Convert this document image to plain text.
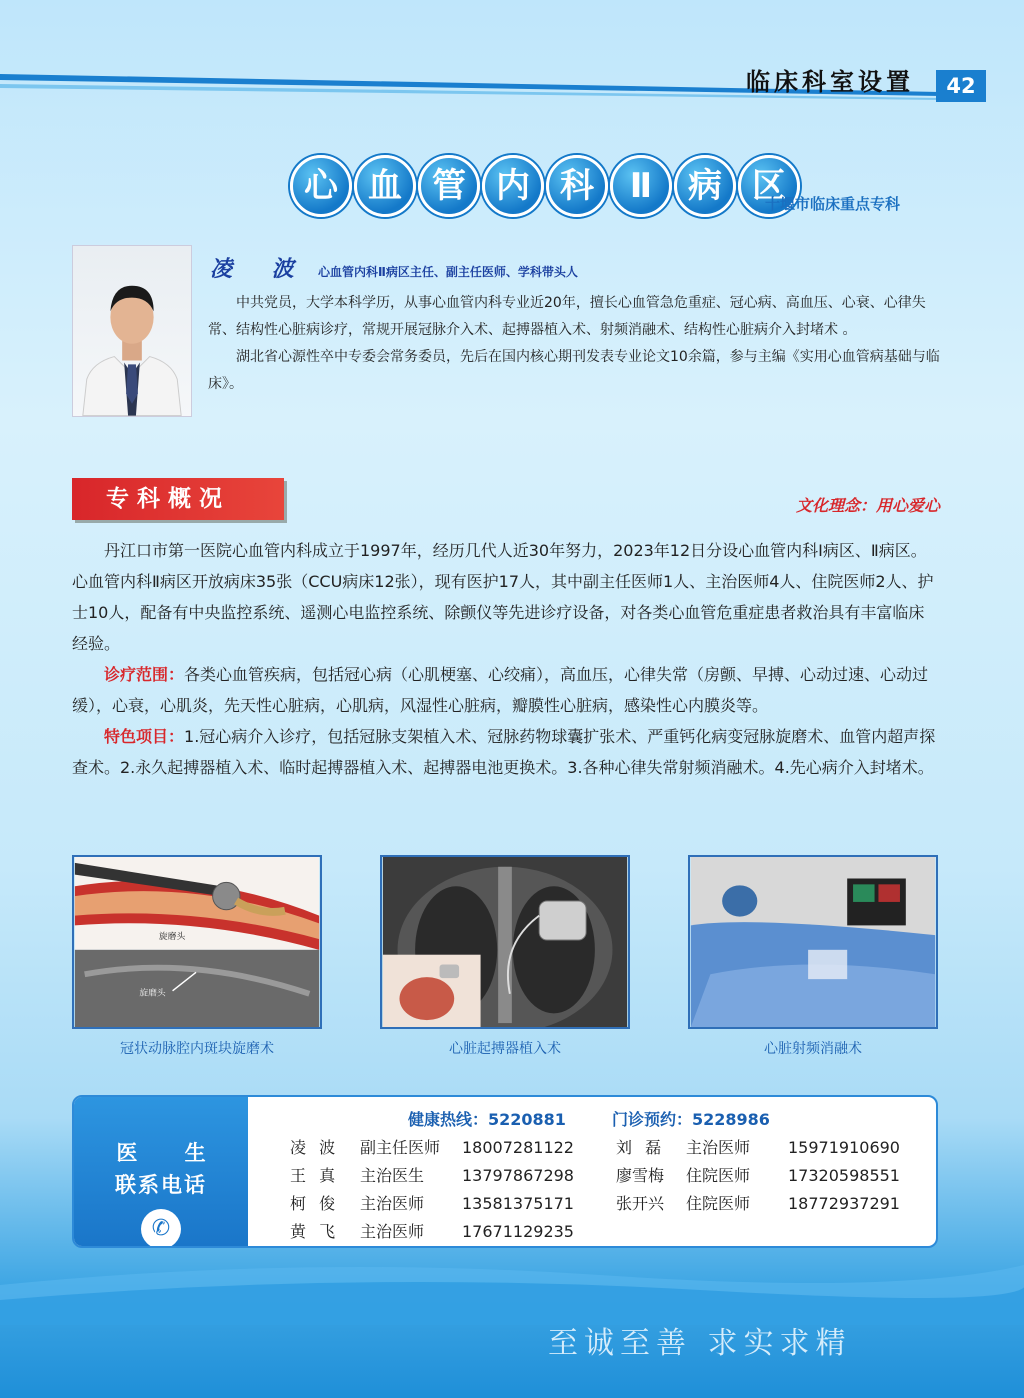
临床科室设置	42
心 血 管 内 科	Ⅱ	病 区
十堰市临床重点专科
凌 波 心血管内科Ⅱ病区主任、副主任医师、学科带头人

中共党员，大学本科学历，从事心血管内科专业近20年，擅长心血管急危重症、冠心病、高血压、心衰、心律失常、结构性心脏病诊疗，常规开展冠脉介入术、起搏器植入术、射频消融术、结构性心脏病介入封堵术 。

湖北省心源性卒中专委会常务委员，先后在国内核心期刊发表专业论文10余篇，参与主编《实用心血管病基础与临床》。

专科概况	文化理念：用心爱心

丹江口市第一医院心血管内科成立于1997年，经历几代人近30年努力，2023年12日分设心血管内科I病区、Ⅱ病区。心血管内科Ⅱ病区开放病床35张（CCU病床12张），现有医护17人，其中副主任医师1人、主治医师4人、住院医师2人、护士10人，配备有中央监控系统、遥测心电监控系统、除颤仪等先进诊疗设备，对各类心血管危重症患者救治具有丰富临床经验。

诊疗范围：各类心血管疾病，包括冠心病（心肌梗塞、心绞痛），高血压，心律失常（房颤、早搏、心动过速、心动过缓），心衰，心肌炎，先天性心脏病，心肌病，风湿性心脏病，瓣膜性心脏病，感染性心内膜炎等。

特色项目：1.冠心病介入诊疗，包括冠脉支架植入术、冠脉药物球囊扩张术、严重钙化病变冠脉旋磨术、血管内超声探查术。2.永久起搏器植入术、临时起搏器植入术、起搏器电池更换术。3.各种心律失常射频消融术。4.先心病介入封堵术。

旋磨头
旋磨头
冠状动脉腔内斑块旋磨术	心脏起搏器植入术	心脏射频消融术
医 生
联系电话
✆
健康热线：5220881	门诊预约：5228986
凌 波 副主任医师 18007281122
王 真 主治医生 13797867298
柯 俊 主治医师 13581375171
黄 飞 主治医师 17671129235
刘 磊 主治医师 15971910690
廖雪梅 住院医师 17320598551
张开兴 住院医师 18772937291
至诚至善 求实求精
